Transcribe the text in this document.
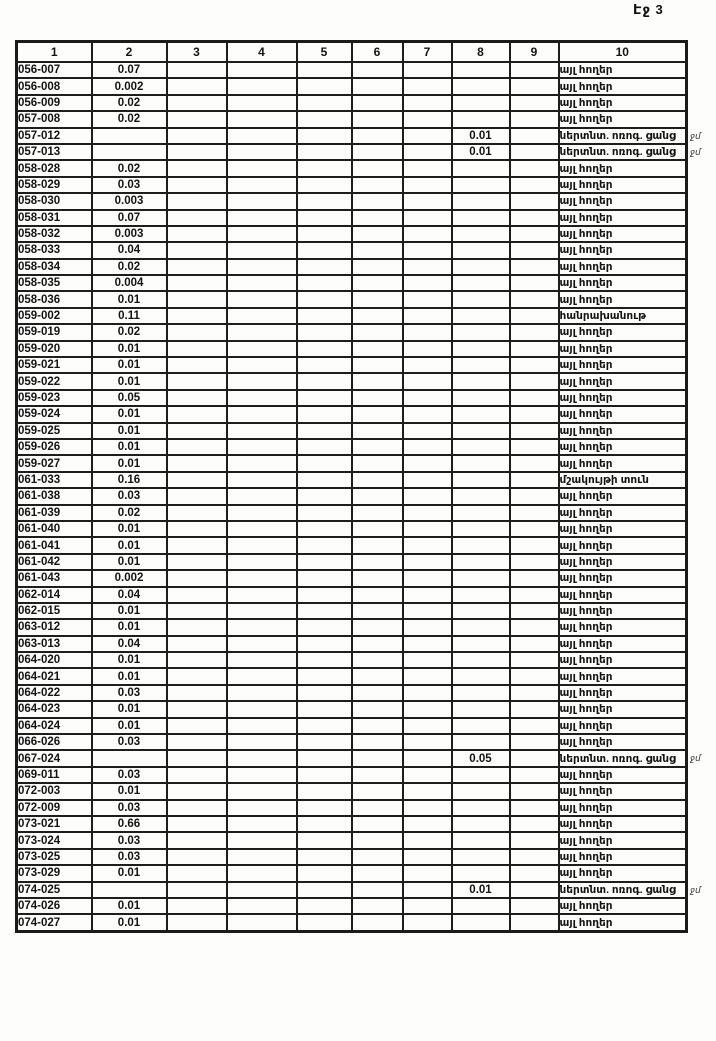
Էջ 3
1	2	3	4	5	6	7	8	9	10
056-007	0.07								այլ հողեր
056-008	0.002								այլ հողեր
056-009	0.02								այլ հողեր
057-008	0.02								այլ հողեր
057-012							0.01		ներտնտ. ոռոգ. ցանց ջմ

057-013							0.01		ներտնտ. ոռոգ. ցանց ջմ

058-028	0.02								այլ հողեր
058-029	0.03								այլ հողեր
058-030	0.003								այլ հողեր
058-031	0.07								այլ հողեր
058-032	0.003								այլ հողեր
058-033	0.04								այլ հողեր
058-034	0.02								այլ հողեր
058-035	0.004								այլ հողեր
058-036	0.01								այլ հողեր
059-002	0.11								հանրախանութ
059-019	0.02								այլ հողեր
059-020	0.01								այլ հողեր
059-021	0.01								այլ հողեր
059-022	0.01								այլ հողեր
059-023	0.05								այլ հողեր
059-024	0.01								այլ հողեր
059-025	0.01								այլ հողեր
059-026	0.01								այլ հողեր
059-027	0.01								այլ հողեր
061-033	0.16								մշակույթի տուն
061-038	0.03								այլ հողեր
061-039	0.02								այլ հողեր
061-040	0.01								այլ հողեր
061-041	0.01								այլ հողեր
061-042	0.01								այլ հողեր
061-043	0.002								այլ հողեր
062-014	0.04								այլ հողեր
062-015	0.01								այլ հողեր
063-012	0.01								այլ հողեր
063-013	0.04								այլ հողեր
064-020	0.01								այլ հողեր
064-021	0.01								այլ հողեր
064-022	0.03								այլ հողեր
064-023	0.01								այլ հողեր
064-024	0.01								այլ հողեր
066-026	0.03								այլ հողեր
067-024							0.05		ներտնտ. ոռոգ. ցանց ջմ

069-011	0.03								այլ հողեր
072-003	0.01								այլ հողեր
072-009	0.03								այլ հողեր
073-021	0.66								այլ հողեր
073-024	0.03								այլ հողեր
073-025	0.03								այլ հողեր
073-029	0.01								այլ հողեր
074-025							0.01		ներտնտ. ոռոգ. ցանց ջմ

074-026	0.01								այլ հողեր
074-027	0.01								այլ հողեր
